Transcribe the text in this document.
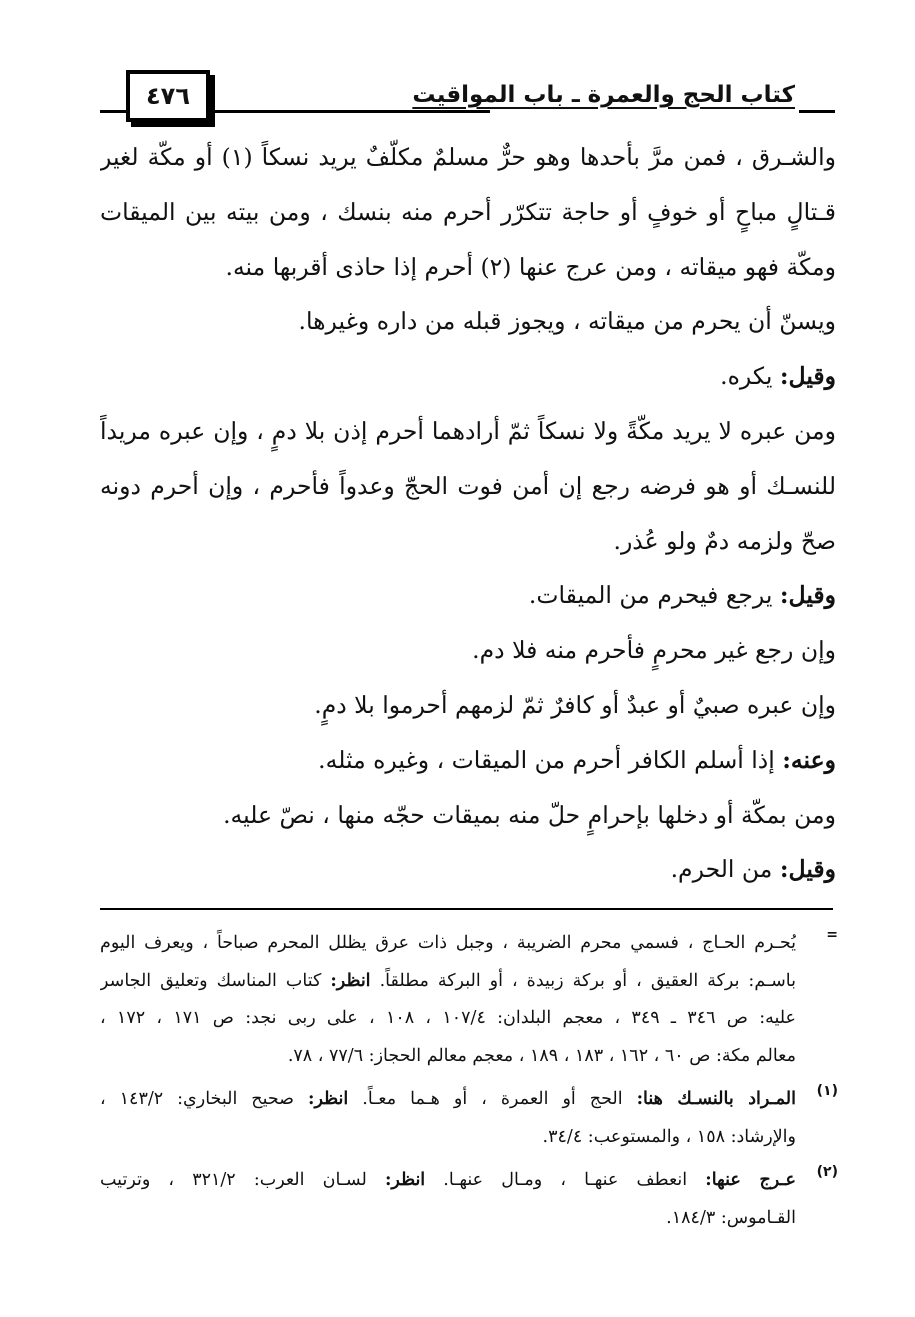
٤٧٦	كتاب الحج والعمرة ـ باب المواقيت
والشـرق ، فمن مرَّ بأحدها وهو حرٌّ مسلمٌ مكلّفٌ يريد نسكاً (١) أو مكّة لغير
قـتالٍ مباحٍ أو خوفٍ أو حاجة تتكرّر أحرم منه بنسك ، ومن بيته بين الميقات
ومكّة فهو ميقاته ، ومن عرج عنها (٢) أحرم إذا حاذى أقربها منه.
ويسنّ أن يحرم من ميقاته ، ويجوز قبله من داره وغيرها.
وقيل: يكره.
ومن عبره لا يريد مكّةً ولا نسكاً ثمّ أرادهما أحرم إذن بلا دمٍ ، وإن عبره مريداً
للنسـك أو هو فرضه رجع إن أمن فوت الحجّ وعدواً فأحرم ، وإن أحرم دونه
صحّ ولزمه دمٌ ولو عُذر.
وقيل: يرجع فيحرم من الميقات.
وإن رجع غير محرمٍ فأحرم منه فلا دم.
وإن عبره صبيٌ أو عبدٌ أو كافرٌ ثمّ لزمهم أحرموا بلا دمٍ.
وعنه: إذا أسلم الكافر أحرم من الميقات ، وغيره مثله.
ومن بمكّة أو دخلها بإحرامٍ حلّ منه بميقات حجّه منها ، نصّ عليه.
وقيل: من الحرم.
=
يُحـرم الحـاج ، فسمي محرم الضريبة ، وجبل ذات عرق يظلل المحرم صباحاً ، ويعرف اليوم
باسـم: بركة العقيق ، أو بركة زبيدة ، أو البركة مطلقاً. انظر: كتاب المناسك وتعليق الجاسر
عليه: ص ٣٤٦ ـ ٣٤٩ ، معجم البلدان: ١٠٧/٤ ، ١٠٨ ، على ربى نجد: ص ١٧١ ، ١٧٢ ،
معالم مكة: ص ٦٠ ، ١٦٢ ، ١٨٣ ، ١٨٩ ، معجم معالم الحجاز: ٧٧/٦ ، ٧٨.
(١)
المـراد بالنسـك هنا: الحج أو العمرة ، أو هـما معـاً. انظر: صحيح البخاري: ١٤٣/٢ ،
والإرشاد: ١٥٨ ، والمستوعب: ٣٤/٤.
(٢)
عـرج عنها: انعطف عنهـا ، ومـال عنهـا. انظر: لسـان العرب: ٣٢١/٢ ، وترتيب
القـاموس: ١٨٤/٣.
